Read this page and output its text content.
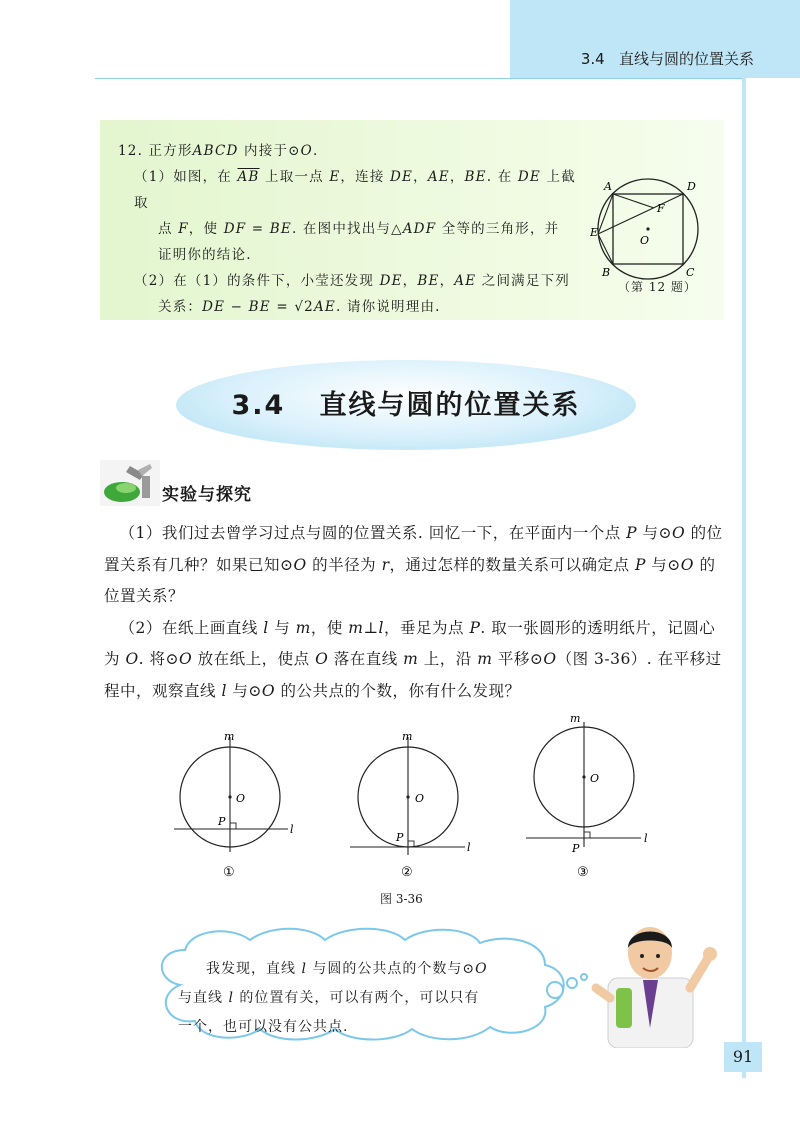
3.4 直线与圆的位置关系

12. 正方形ABCD 内接于⊙O.

（1）如图，在 $\overline{AB}$ 上取一点 E，连接 DE，AE，BE. 在 DE 上截取

点 F，使 DF = BE. 在图中找出与△ADF 全等的三角形，并

证明你的结论.

（2）在（1）的条件下，小莹还发现 DE，BE，AE 之间满足下列

关系：DE − BE = √2AE. 请你说明理由.

A	D
F
E
O
B	C
（第 12 题）
3.4 直线与圆的位置关系
实验与探究

（1）我们过去曾学习过点与圆的位置关系. 回忆一下，在平面内一个点 P 与⊙O 的位置关系有几种？如果已知⊙O 的半径为 r，通过怎样的数量关系可以确定点 P 与⊙O 的位置关系？

（2）在纸上画直线 l 与 m，使 m⊥l，垂足为点 P. 取一张圆形的透明纸片，记圆心为 O. 将⊙O 放在纸上，使点 O 落在直线 m 上，沿 m 平移⊙O（图 3-36）. 在平移过程中，观察直线 l 与⊙O 的公共点的个数，你有什么发现？

m
O
P
l
①
m
O
P
l
②
m
O
P
l
③
图 3-36

我发现，直线 l 与圆的公共点的个数与⊙O

与直线 l 的位置有关，可以有两个，可以只有

一个，也可以没有公共点.

91
